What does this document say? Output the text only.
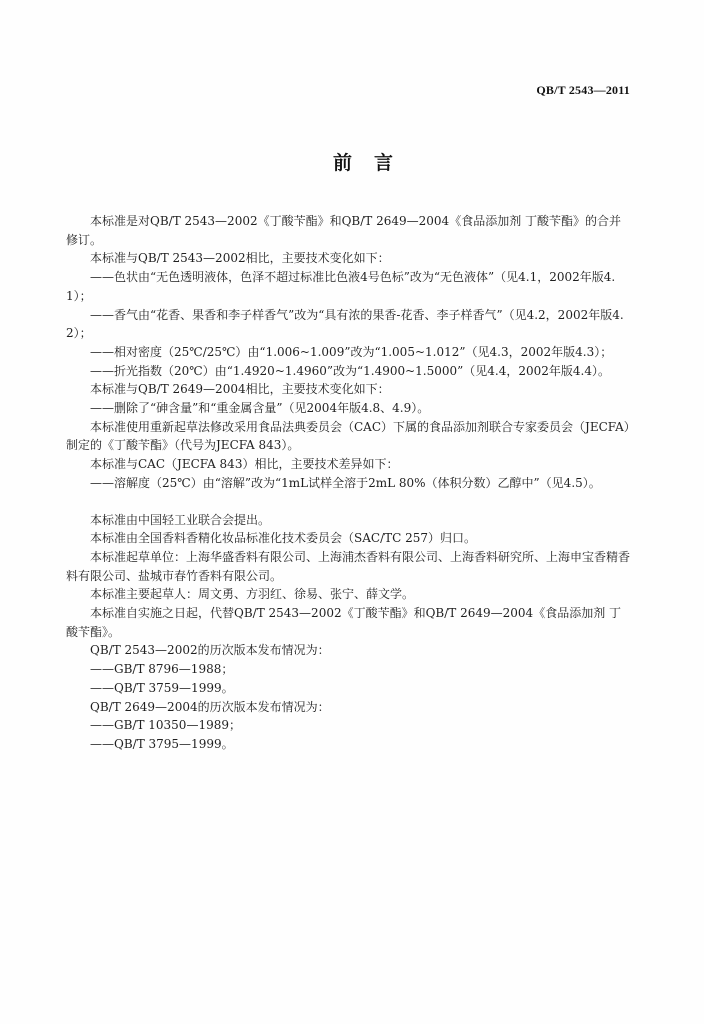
QB/T 2543—2011
前言

本标准是对QB/T 2543—2002《丁酸苄酯》和QB/T 2649—2004《食品添加剂 丁酸苄酯》的合并修订。

本标准与QB/T 2543—2002相比，主要技术变化如下：

——色状由“无色透明液体，色泽不超过标准比色液4号色标”改为“无色液体”（见4.1，2002年版4.1）；

——香气由“花香、果香和李子样香气”改为“具有浓的果香-花香、李子样香气”（见4.2，2002年版4.2）；

——相对密度（25℃/25℃）由“1.006~1.009”改为“1.005~1.012”（见4.3，2002年版4.3）；

——折光指数（20℃）由“1.4920~1.4960”改为“1.4900~1.5000”（见4.4，2002年版4.4）。

本标准与QB/T 2649—2004相比，主要技术变化如下：

——删除了“砷含量”和“重金属含量”（见2004年版4.8、4.9）。

本标准使用重新起草法修改采用食品法典委员会（CAC）下属的食品添加剂联合专家委员会（JECFA）制定的《丁酸苄酯》（代号为JECFA 843）。

本标准与CAC（JECFA 843）相比，主要技术差异如下：

——溶解度（25℃）由“溶解”改为“1mL试样全溶于2mL 80%（体积分数）乙醇中”（见4.5）。

本标准由中国轻工业联合会提出。

本标准由全国香料香精化妆品标准化技术委员会（SAC/TC 257）归口。

本标准起草单位：上海华盛香料有限公司、上海浦杰香料有限公司、上海香料研究所、上海申宝香精香料有限公司、盐城市春竹香料有限公司。

本标准主要起草人：周文勇、方羽红、徐易、张宁、薛文学。

本标准自实施之日起，代替QB/T 2543—2002《丁酸苄酯》和QB/T 2649—2004《食品添加剂 丁酸苄酯》。

QB/T 2543—2002的历次版本发布情况为：

——GB/T 8796—1988；

——QB/T 3759—1999。

QB/T 2649—2004的历次版本发布情况为：

——GB/T 10350—1989；

——QB/T 3795—1999。
